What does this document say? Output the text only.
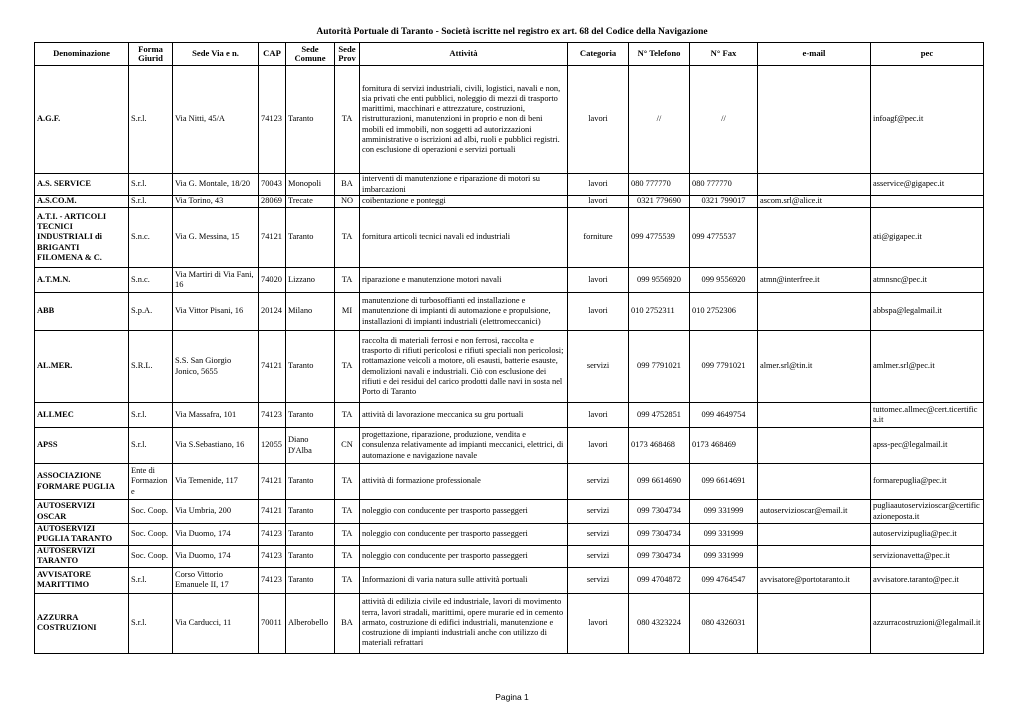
Autorità Portuale di Taranto - Società iscritte nel registro ex art. 68 del Codice della Navigazione
Denominazione	Forma Giurid	Sede Via e n.	CAP	Sede Comune	Sede Prov	Attività	Categoria	N° Telefono	N° Fax	e-mail	pec
A.G.F.	S.r.l.	Via Nitti, 45/A	74123	Taranto	TA	fornitura di servizi industriali, civili, logistici, navali e non, sia privati che enti pubblici, noleggio di mezzi di trasporto marittimi, macchinari e attrezzature, costruzioni, ristrutturazioni, manutenzioni in proprio e non di beni mobili ed immobili, non soggetti ad autorizzazioni amministrative o iscrizioni ad albi, ruoli e pubblici registri. con esclusione di operazioni e servizi portuali	lavori	//	//		infoagf@pec.it
A.S. SERVICE	S.r.l.	Via G. Montale, 18/20	70043	Monopoli	BA	interventi di manutenzione e riparazione di motori su imbarcazioni	lavori	080 777770	080 777770		asservice@gigapec.it
A.S.CO.M.	S.r.l.	Via Torino, 43	28069	Trecate	NO	coibentazione e ponteggi	lavori	0321 779690	0321 799017	ascom.srl@alice.it	
A.T.I. - ARTICOLI TECNICI INDUSTRIALI di BRIGANTI FILOMENA & C.	S.n.c.	Via G. Messina, 15	74121	Taranto	TA	fornitura articoli tecnici navali ed industriali	forniture	099 4775539	099 4775537		ati@gigapec.it
A.T.M.N.	S.n.c.	Via Martiri di Via Fani, 16	74020	Lizzano	TA	riparazione e manutenzione motori navali	lavori	099 9556920	099 9556920	atmn@interfree.it	atmnsnc@pec.it
ABB	S.p.A.	Via Vittor Pisani, 16	20124	Milano	MI	manutenzione di turbosoffianti ed installazione e manutenzione di impianti di automazione e propulsione, installazioni di impianti industriali (elettromeccanici)	lavori	010 2752311	010 2752306		abbspa@legalmail.it
AL.MER.	S.R.L.	S.S. San Giorgio Jonico, 5655	74121	Taranto	TA	raccolta di materiali ferrosi e non ferrosi, raccolta e trasporto di rifiuti pericolosi e rifiuti speciali non pericolosi; rottamazione veicoli a motore, oli esausti, batterie esauste, demolizioni navali e industriali. Ciò con esclusione dei rifiuti e dei residui del carico prodotti dalle navi in sosta nel Porto di Taranto	servizi	099 7791021	099 7791021	almer.srl@tin.it	amlmer.srl@pec.it
ALLMEC	S.r.l.	Via Massafra, 101	74123	Taranto	TA	attività di lavorazione meccanica su gru portuali	lavori	099 4752851	099 4649754		tuttomec.allmec@cert.ticertifica.it
APSS	S.r.l.	Via S.Sebastiano, 16	12055	Diano D'Alba	CN	progettazione, riparazione, produzione, vendita e consulenza relativamente ad impianti meccanici, elettrici, di automazione e navigazione navale	lavori	0173 468468	0173 468469		apss-pec@legalmail.it
ASSOCIAZIONE FORMARE PUGLIA	Ente di Formazione	Via Temenide, 117	74121	Taranto	TA	attività di formazione professionale	servizi	099 6614690	099 6614691		formarepuglia@pec.it
AUTOSERVIZI OSCAR	Soc. Coop.	Via Umbria, 200	74121	Taranto	TA	noleggio con conducente per trasporto passeggeri	servizi	099 7304734	099 331999	autoservizioscar@email.it	pugliaautoservizioscar@certificazioneposta.it
AUTOSERVIZI PUGLIA TARANTO	Soc. Coop.	Via Duomo, 174	74123	Taranto	TA	noleggio con conducente per trasporto passeggeri	servizi	099 7304734	099 331999		autoservizipuglia@pec.it
AUTOSERVIZI TARANTO	Soc. Coop.	Via Duomo, 174	74123	Taranto	TA	noleggio con conducente per trasporto passeggeri	servizi	099 7304734	099 331999		servizionavetta@pec.it
AVVISATORE MARITTIMO	S.r.l.	Corso Vittorio Emanuele II, 17	74123	Taranto	TA	Informazioni di varia natura sulle attività portuali	servizi	099 4704872	099 4764547	avvisatore@portotaranto.it	avvisatore.taranto@pec.it
AZZURRA COSTRUZIONI	S.r.l.	Via Carducci, 11	70011	Alberobello	BA	attività di edilizia civile ed industriale, lavori di movimento terra, lavori stradali, marittimi, opere murarie ed in cemento armato, costruzione di edifici industriali, manutenzione e costruzione di impianti industriali anche con utilizzo di materiali refrattari	lavori	080 4323224	080 4326031		azzurracostruzioni@legalmail.it
Pagina 1
